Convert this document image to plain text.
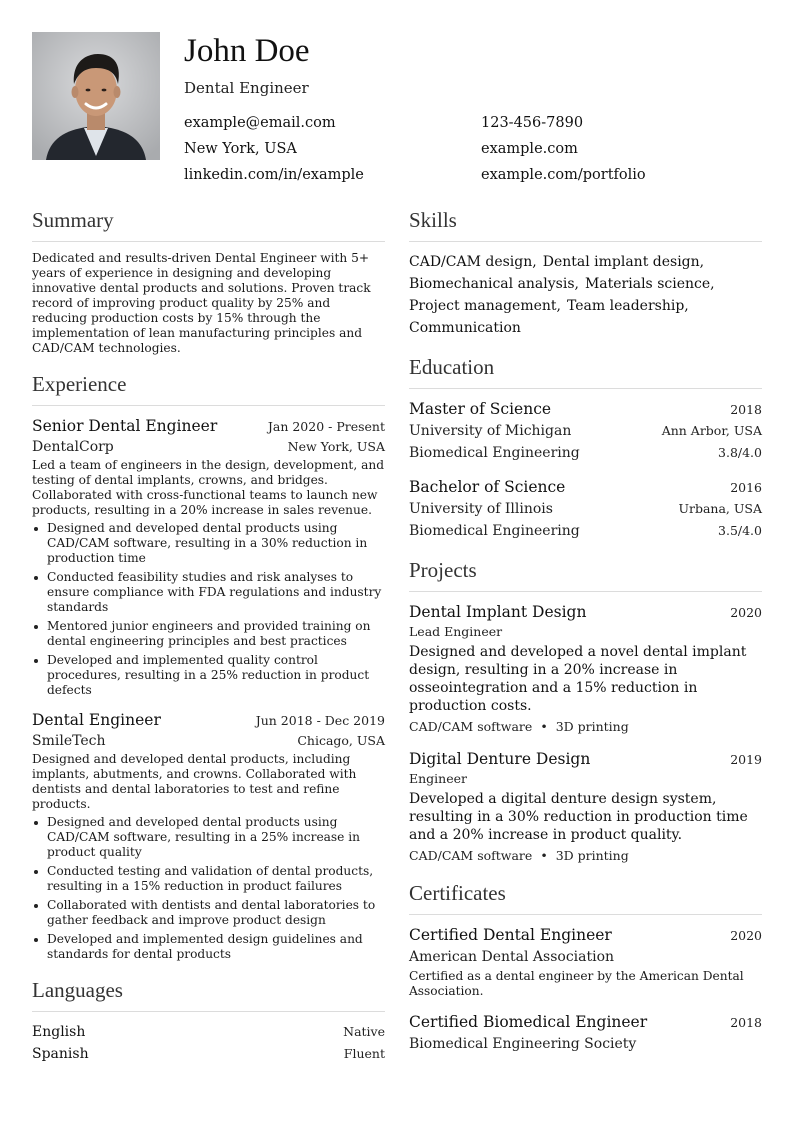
John Doe
Dental Engineer
example@email.com	123-456-7890
New York, USA	example.com
linkedin.com/in/example	example.com/portfolio
Summary
Dedicated and results-driven Dental Engineer with 5+ years of experience in designing and developing innovative dental products and solutions. Proven track record of improving product quality by 25% and reducing production costs by 15% through the implementation of lean manufacturing principles and CAD/CAM technologies.
Experience
Senior Dental Engineer	Jan 2020 - Present
DentalCorp	New York, USA
Led a team of engineers in the design, development, and testing of dental implants, crowns, and bridges. Collaborated with cross-functional teams to launch new products, resulting in a 20% increase in sales revenue.
Designed and developed dental products using CAD/CAM software, resulting in a 30% reduction in production time
Conducted feasibility studies and risk analyses to ensure compliance with FDA regulations and industry standards
Mentored junior engineers and provided training on dental engineering principles and best practices
Developed and implemented quality control procedures, resulting in a 25% reduction in product defects
Dental Engineer	Jun 2018 - Dec 2019
SmileTech	Chicago, USA
Designed and developed dental products, including implants, abutments, and crowns. Collaborated with dentists and dental laboratories to test and refine products.
Designed and developed dental products using CAD/CAM software, resulting in a 25% increase in product quality
Conducted testing and validation of dental products, resulting in a 15% reduction in product failures
Collaborated with dentists and dental laboratories to gather feedback and improve product design
Developed and implemented design guidelines and standards for dental products
Languages
English	Native
Spanish	Fluent
Skills
CAD/CAM design, Dental implant design,
Biomechanical analysis, Materials science,
Project management, Team leadership,
Communication
Education
Master of Science	2018
University of Michigan	Ann Arbor, USA
Biomedical Engineering	3.8/4.0
Bachelor of Science	2016
University of Illinois	Urbana, USA
Biomedical Engineering	3.5/4.0
Projects
Dental Implant Design	2020
Lead Engineer
Designed and developed a novel dental implant design, resulting in a 20% increase in osseointegration and a 15% reduction in production costs.
CAD/CAM software • 3D printing
Digital Denture Design	2019
Engineer
Developed a digital denture design system, resulting in a 30% reduction in production time and a 20% increase in product quality.
CAD/CAM software • 3D printing
Certificates
Certified Dental Engineer	2020
American Dental Association
Certified as a dental engineer by the American Dental Association.
Certified Biomedical Engineer	2018
Biomedical Engineering Society
